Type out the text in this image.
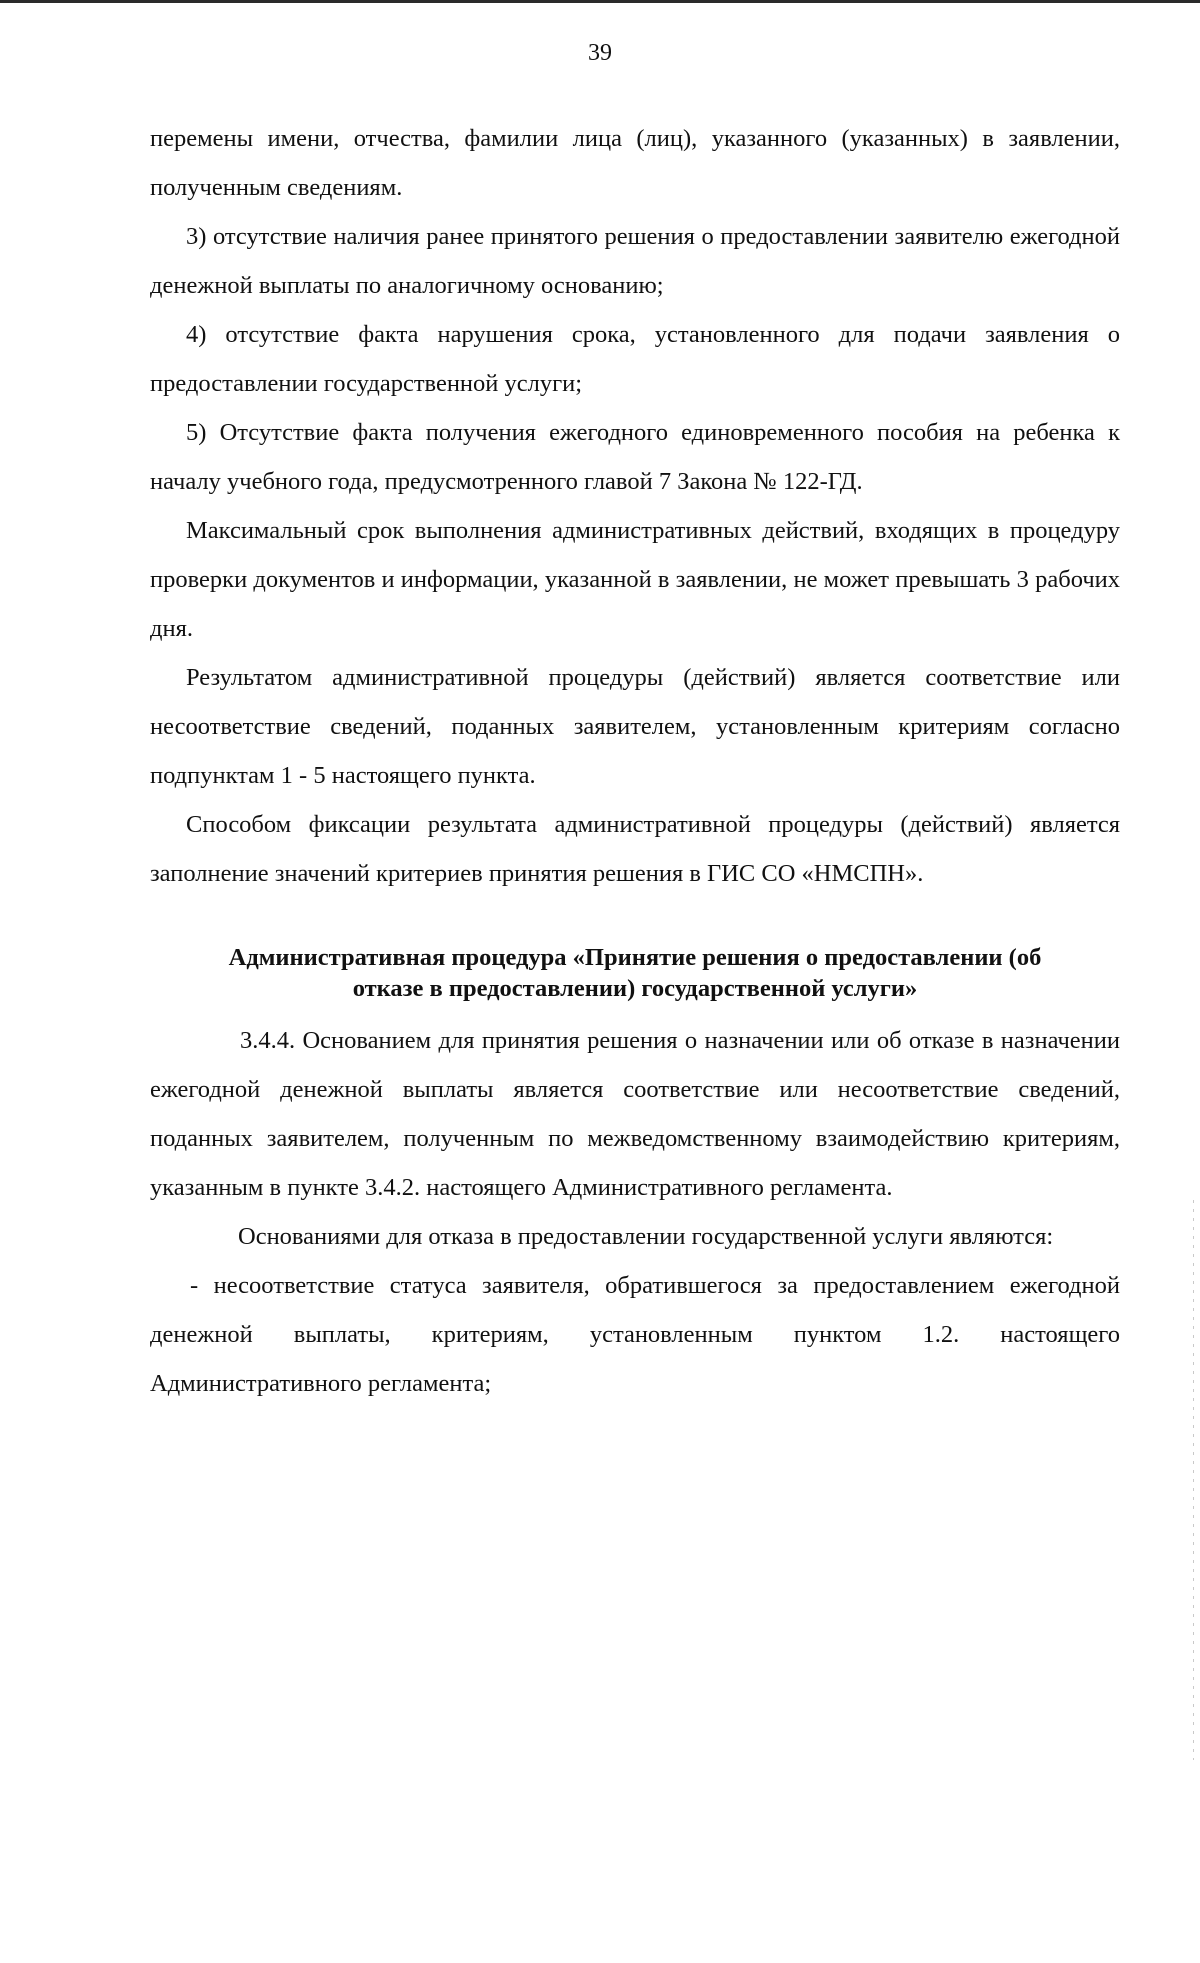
39

перемены имени, отчества, фамилии лица (лиц), указанного (указанных) в заявлении, полученным сведениям.

3) отсутствие наличия ранее принятого решения о предоставлении заявителю ежегодной денежной выплаты по аналогичному основанию;

4) отсутствие факта нарушения срока, установленного для подачи заявления о предоставлении государственной услуги;

5) Отсутствие факта получения ежегодного единовременного пособия на ребенка к началу учебного года, предусмотренного главой 7 Закона № 122-ГД.

Максимальный срок выполнения административных действий, входящих в процедуру проверки документов и информации, указанной в заявлении, не может превышать 3 рабочих дня.

Результатом административной процедуры (действий) является соответствие или несоответствие сведений, поданных заявителем, установленным критериям согласно подпунктам 1 - 5 настоящего пункта.

Способом фиксации результата административной процедуры (действий) является заполнение значений критериев принятия решения в ГИС СО «НМСПН».

Административная процедура «Принятие решения о предоставлении (об
отказе в предоставлении) государственной услуги»

3.4.4. Основанием для принятия решения о назначении или об отказе в назначении ежегодной денежной выплаты является соответствие или несоответствие сведений, поданных заявителем, полученным по межведомственному взаимодействию критериям, указанным в пункте 3.4.2. настоящего Административного регламента.

Основаниями для отказа в предоставлении государственной услуги являются:

- несоответствие статуса заявителя, обратившегося за предоставлением ежегодной денежной выплаты, критериям, установленным пунктом 1.2. настоящего Административного регламента;
